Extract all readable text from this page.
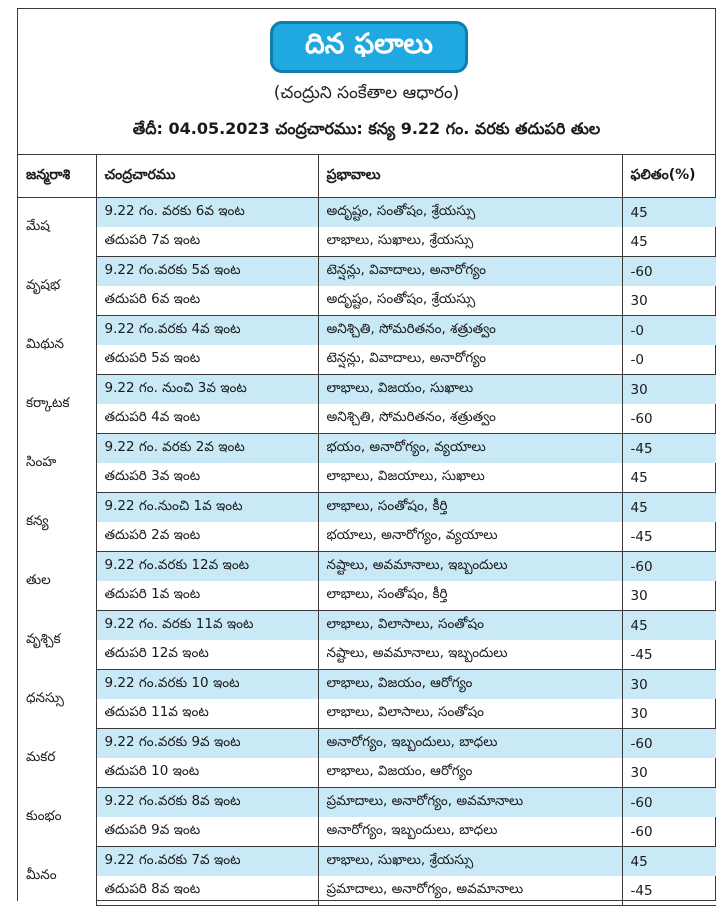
దిన ఫలాలు
(చంద్రుని సంకేతాల ఆధారం)
తేదీ: 04.05.2023 చంద్రచారము: కన్య 9.22 గం. వరకు తదుపరి తుల
జన్మరాశి	చంద్రచారము	ప్రభావాలు	ఫలితం(%)
మేష	9.22 గం. వరకు 6వ ఇంట	అదృష్టం, సంతోషం, శ్రేయస్సు	45
	తదుపరి 7వ ఇంట	లాభాలు, సుఖాలు, శ్రేయస్సు	45
వృషభ	9.22 గం.వరకు 5వ ఇంట	టెన్షన్లు, వివాదాలు, అనారోగ్యం	-60
	తదుపరి 6వ ఇంట	అదృష్టం, సంతోషం, శ్రేయస్సు	30
మిథున	9.22 గం.వరకు 4వ ఇంట	అనిశ్చితి, సోమరితనం, శత్రుత్వం	-0
	తదుపరి 5వ ఇంట	టెన్షన్లు, వివాదాలు, అనారోగ్యం	-0
కర్కాటక	9.22 గం. నుంచి 3వ ఇంట	లాభాలు, విజయం, సుఖాలు	30
	తదుపరి 4వ ఇంట	అనిశ్చితి, సోమరితనం, శత్రుత్వం	-60
సింహ	9.22 గం. వరకు 2వ ఇంట	భయం, అనారోగ్యం, వ్యయాలు	-45
	తదుపరి 3వ ఇంట	లాభాలు, విజయాలు, సుఖాలు	45
కన్య	9.22 గం.నుంచి 1వ ఇంట	లాభాలు, సంతోషం, కీర్తి	45
	తదుపరి 2వ ఇంట	భయాలు, అనారోగ్యం, వ్యయాలు	-45
తుల	9.22 గం.వరకు 12వ ఇంట	నష్టాలు, అవమానాలు, ఇబ్బందులు	-60
	తదుపరి 1వ ఇంట	లాభాలు, సంతోషం, కీర్తి	30
వృశ్చిక	9.22 గం. వరకు 11వ ఇంట	లాభాలు, విలాసాలు, సంతోషం	45
	తదుపరి 12వ ఇంట	నష్టాలు, అవమానాలు, ఇబ్బందులు	-45
ధనస్సు	9.22 గం.వరకు 10 ఇంట	లాభాలు, విజయం, ఆరోగ్యం	30
	తదుపరి 11వ ఇంట	లాభాలు, విలాసాలు, సంతోషం	30
మకర	9.22 గం.వరకు 9వ ఇంట	అనారోగ్యం, ఇబ్బందులు, బాధలు	-60
	తదుపరి 10 ఇంట	లాభాలు, విజయం, ఆరోగ్యం	30
కుంభం	9.22 గం.వరకు 8వ ఇంట	ప్రమాదాలు, అనారోగ్యం, అవమానాలు	-60
	తదుపరి 9వ ఇంట	అనారోగ్యం, ఇబ్బందులు, బాధలు	-60
మీనం	9.22 గం.వరకు 7వ ఇంట	లాభాలు, సుఖాలు, శ్రేయస్సు	45
	తదుపరి 8వ ఇంట	ప్రమాదాలు, అనారోగ్యం, అవమానాలు	-45
